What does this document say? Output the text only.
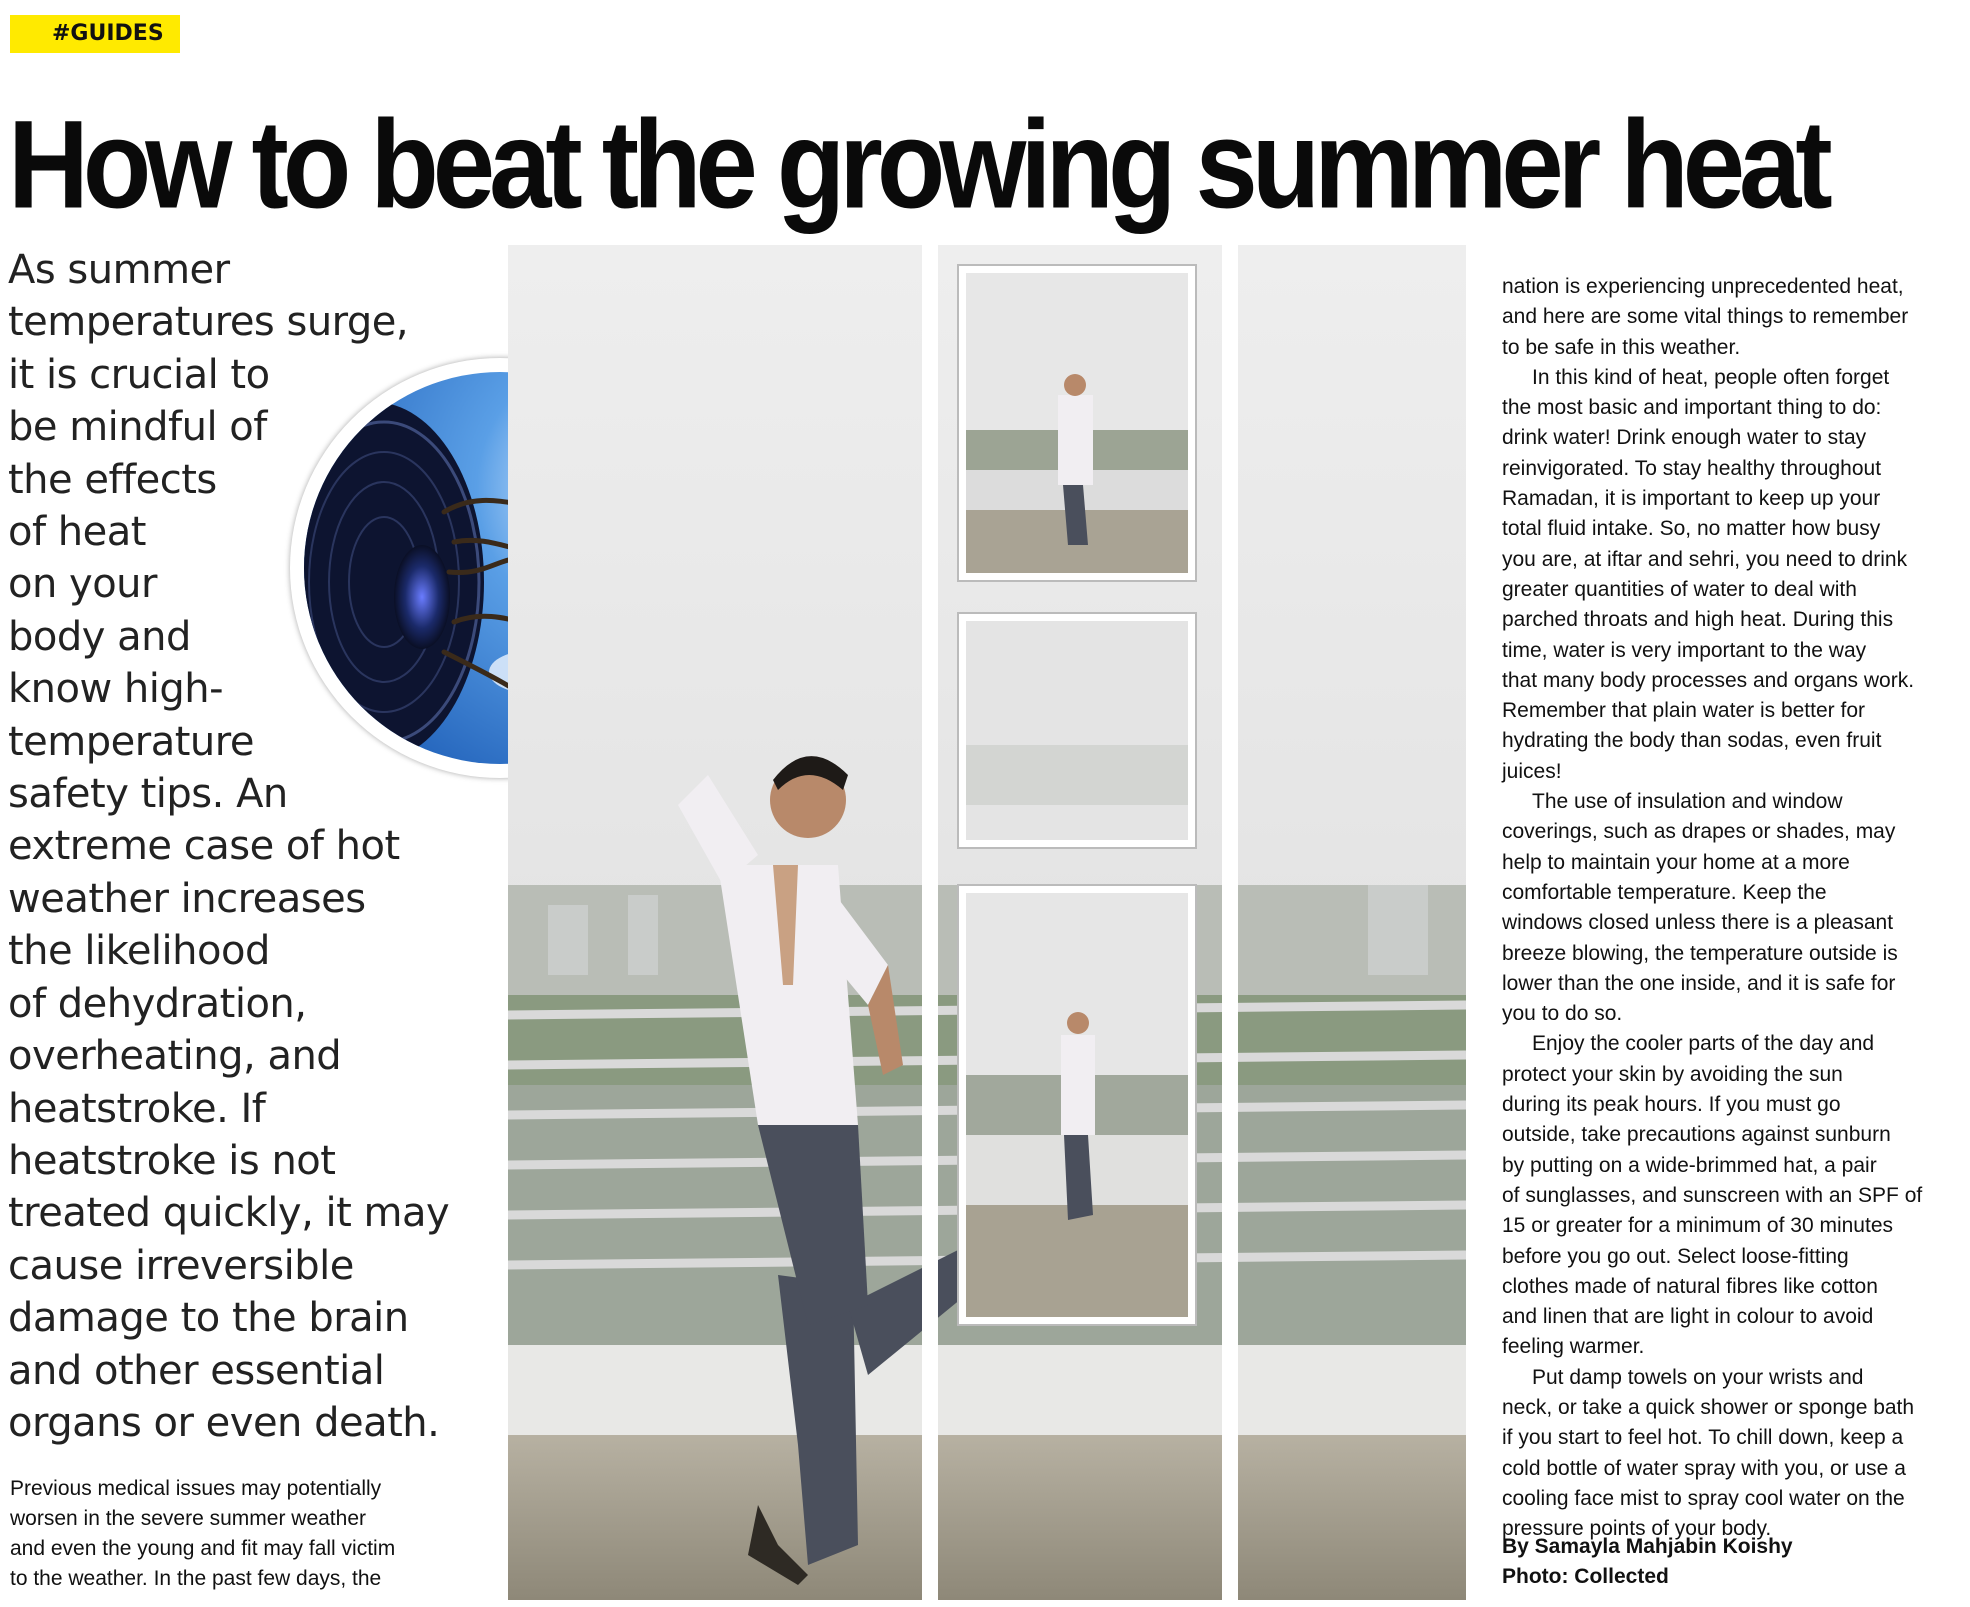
#GUIDES
How to beat the growing summer heat
As summer
temperatures surge,
it is crucial to
be mindful of
the effects
of heat
on your
body and
know high-
temperature
safety tips. An
extreme case of hot
weather increases
the likelihood
of dehydration,
overheating, and
heatstroke. If
heatstroke is not
treated quickly, it may
cause irreversible
damage to the brain
and other essential
organs or even death.
Previous medical issues may potentially
worsen in the severe summer weather
and even the young and fit may fall victim
to the weather. In the past few days, the
nation is experiencing unprecedented heat,
and here are some vital things to remember
to be safe in this weather.
In this kind of heat, people often forget
the most basic and important thing to do:
drink water! Drink enough water to stay
reinvigorated. To stay healthy throughout
Ramadan, it is important to keep up your
total fluid intake. So, no matter how busy
you are, at iftar and sehri, you need to drink
greater quantities of water to deal with
parched throats and high heat. During this
time, water is very important to the way
that many body processes and organs work.
Remember that plain water is better for
hydrating the body than sodas, even fruit
juices!
The use of insulation and window
coverings, such as drapes or shades, may
help to maintain your home at a more
comfortable temperature. Keep the
windows closed unless there is a pleasant
breeze blowing, the temperature outside is
lower than the one inside, and it is safe for
you to do so.
Enjoy the cooler parts of the day and
protect your skin by avoiding the sun
during its peak hours. If you must go
outside, take precautions against sunburn
by putting on a wide-brimmed hat, a pair
of sunglasses, and sunscreen with an SPF of
15 or greater for a minimum of 30 minutes
before you go out. Select loose-fitting
clothes made of natural fibres like cotton
and linen that are light in colour to avoid
feeling warmer.
Put damp towels on your wrists and
neck, or take a quick shower or sponge bath
if you start to feel hot. To chill down, keep a
cold bottle of water spray with you, or use a
cooling face mist to spray cool water on the
pressure points of your body.
By Samayla Mahjabin Koishy
Photo: Collected
